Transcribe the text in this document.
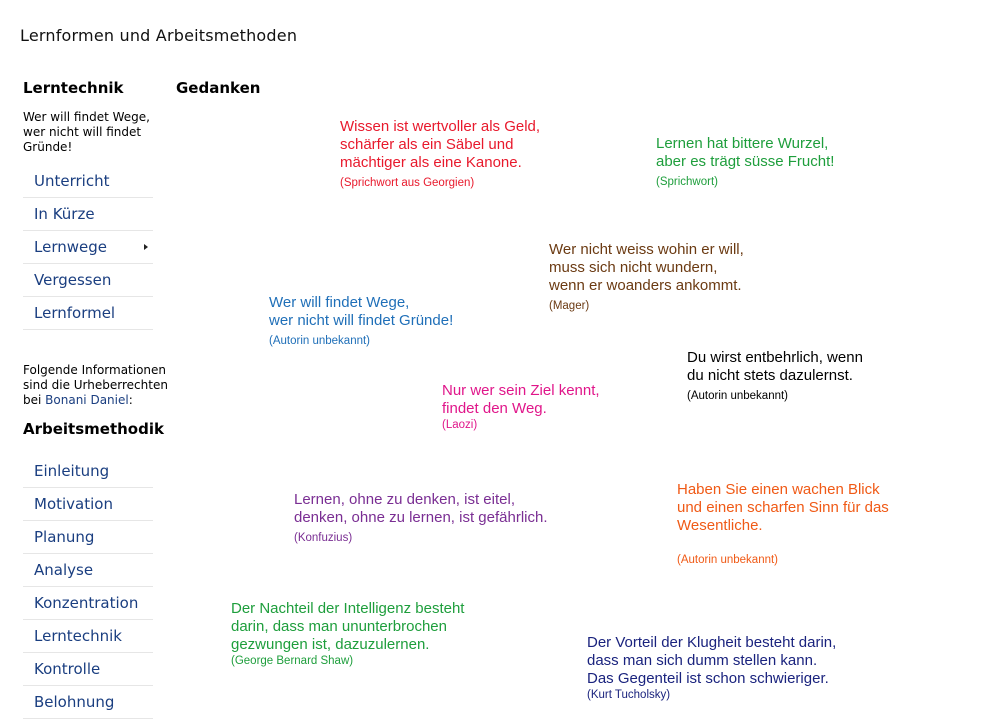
Lernformen und Arbeitsmethoden
Lerntechnik
Wer will findet Wege, wer nicht will findet Gründe!
Unterricht
In Kürze
Lernwege
Vergessen
Lernformel
Folgende Informationen sind die Urheberrechten bei Bonani Daniel:
Arbeitsmethodik
Einleitung
Motivation
Planung
Analyse
Konzentration
Lerntechnik
Kontrolle
Belohnung
Gedanken
Wissen ist wertvoller als Geld,
schärfer als ein Säbel und
mächtiger als eine Kanone.
(Sprichwort aus Georgien)
Lernen hat bittere Wurzel,
aber es trägt süsse Frucht!
(Sprichwort)
Wer nicht weiss wohin er will,
muss sich nicht wundern,
wenn er woanders ankommt.
(Mager)
Wer will findet Wege,
wer nicht will findet Gründe!
(Autorin unbekannt)
Du wirst entbehrlich, wenn
du nicht stets dazulernst.
(Autorin unbekannt)
Nur wer sein Ziel kennt,
findet den Weg.
(Laozi)
Lernen, ohne zu denken, ist eitel,
denken, ohne zu lernen, ist gefährlich.
(Konfuzius)
Haben Sie einen wachen Blick
und einen scharfen Sinn für das
Wesentliche.
(Autorin unbekannt)
Der Nachteil der Intelligenz besteht
darin, dass man ununterbrochen
gezwungen ist, dazuzulernen.
(George Bernard Shaw)
Der Vorteil der Klugheit besteht darin,
dass man sich dumm stellen kann.
Das Gegenteil ist schon schwieriger.
(Kurt Tucholsky)
